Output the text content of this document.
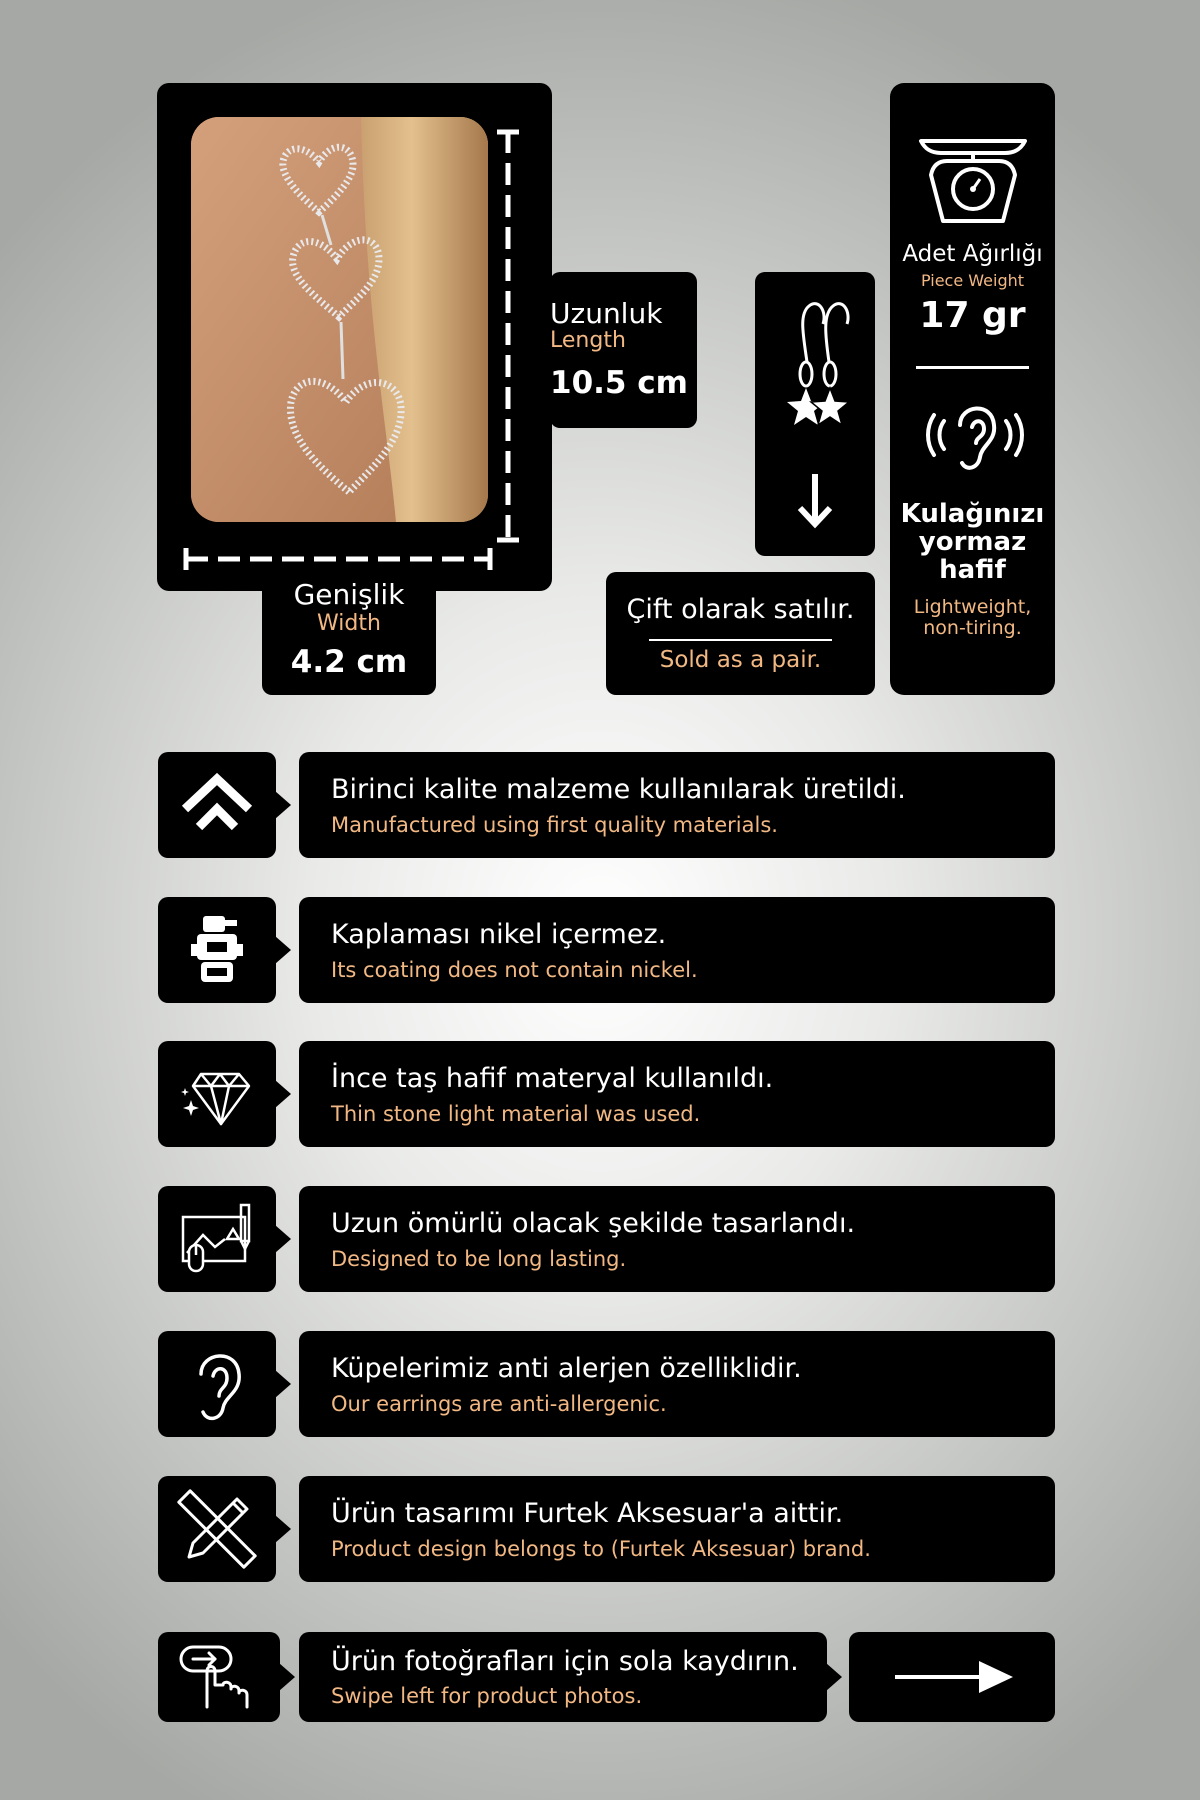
Uzunluk
Length
10.5 cm
Genişlik
Width
4.2 cm
Çift olarak satılır.
Sold as a pair.
Adet Ağırlığı
Piece Weight
17 gr
Kulağınızı
yormaz
hafif
Lightweight,
non-tiring.
Birinci kalite malzeme kullanılarak üretildi.
Manufactured using first quality materials.
Kaplaması nikel içermez.
Its coating does not contain nickel.
İnce taş hafif materyal kullanıldı.
Thin stone light material was used.
Uzun ömürlü olacak şekilde tasarlandı.
Designed to be long lasting.
Küpelerimiz anti alerjen özelliklidir.
Our earrings are anti-allergenic.
Ürün tasarımı Furtek Aksesuar'a aittir.
Product design belongs to (Furtek Aksesuar) brand.
Ürün fotoğrafları için sola kaydırın.
Swipe left for product photos.
